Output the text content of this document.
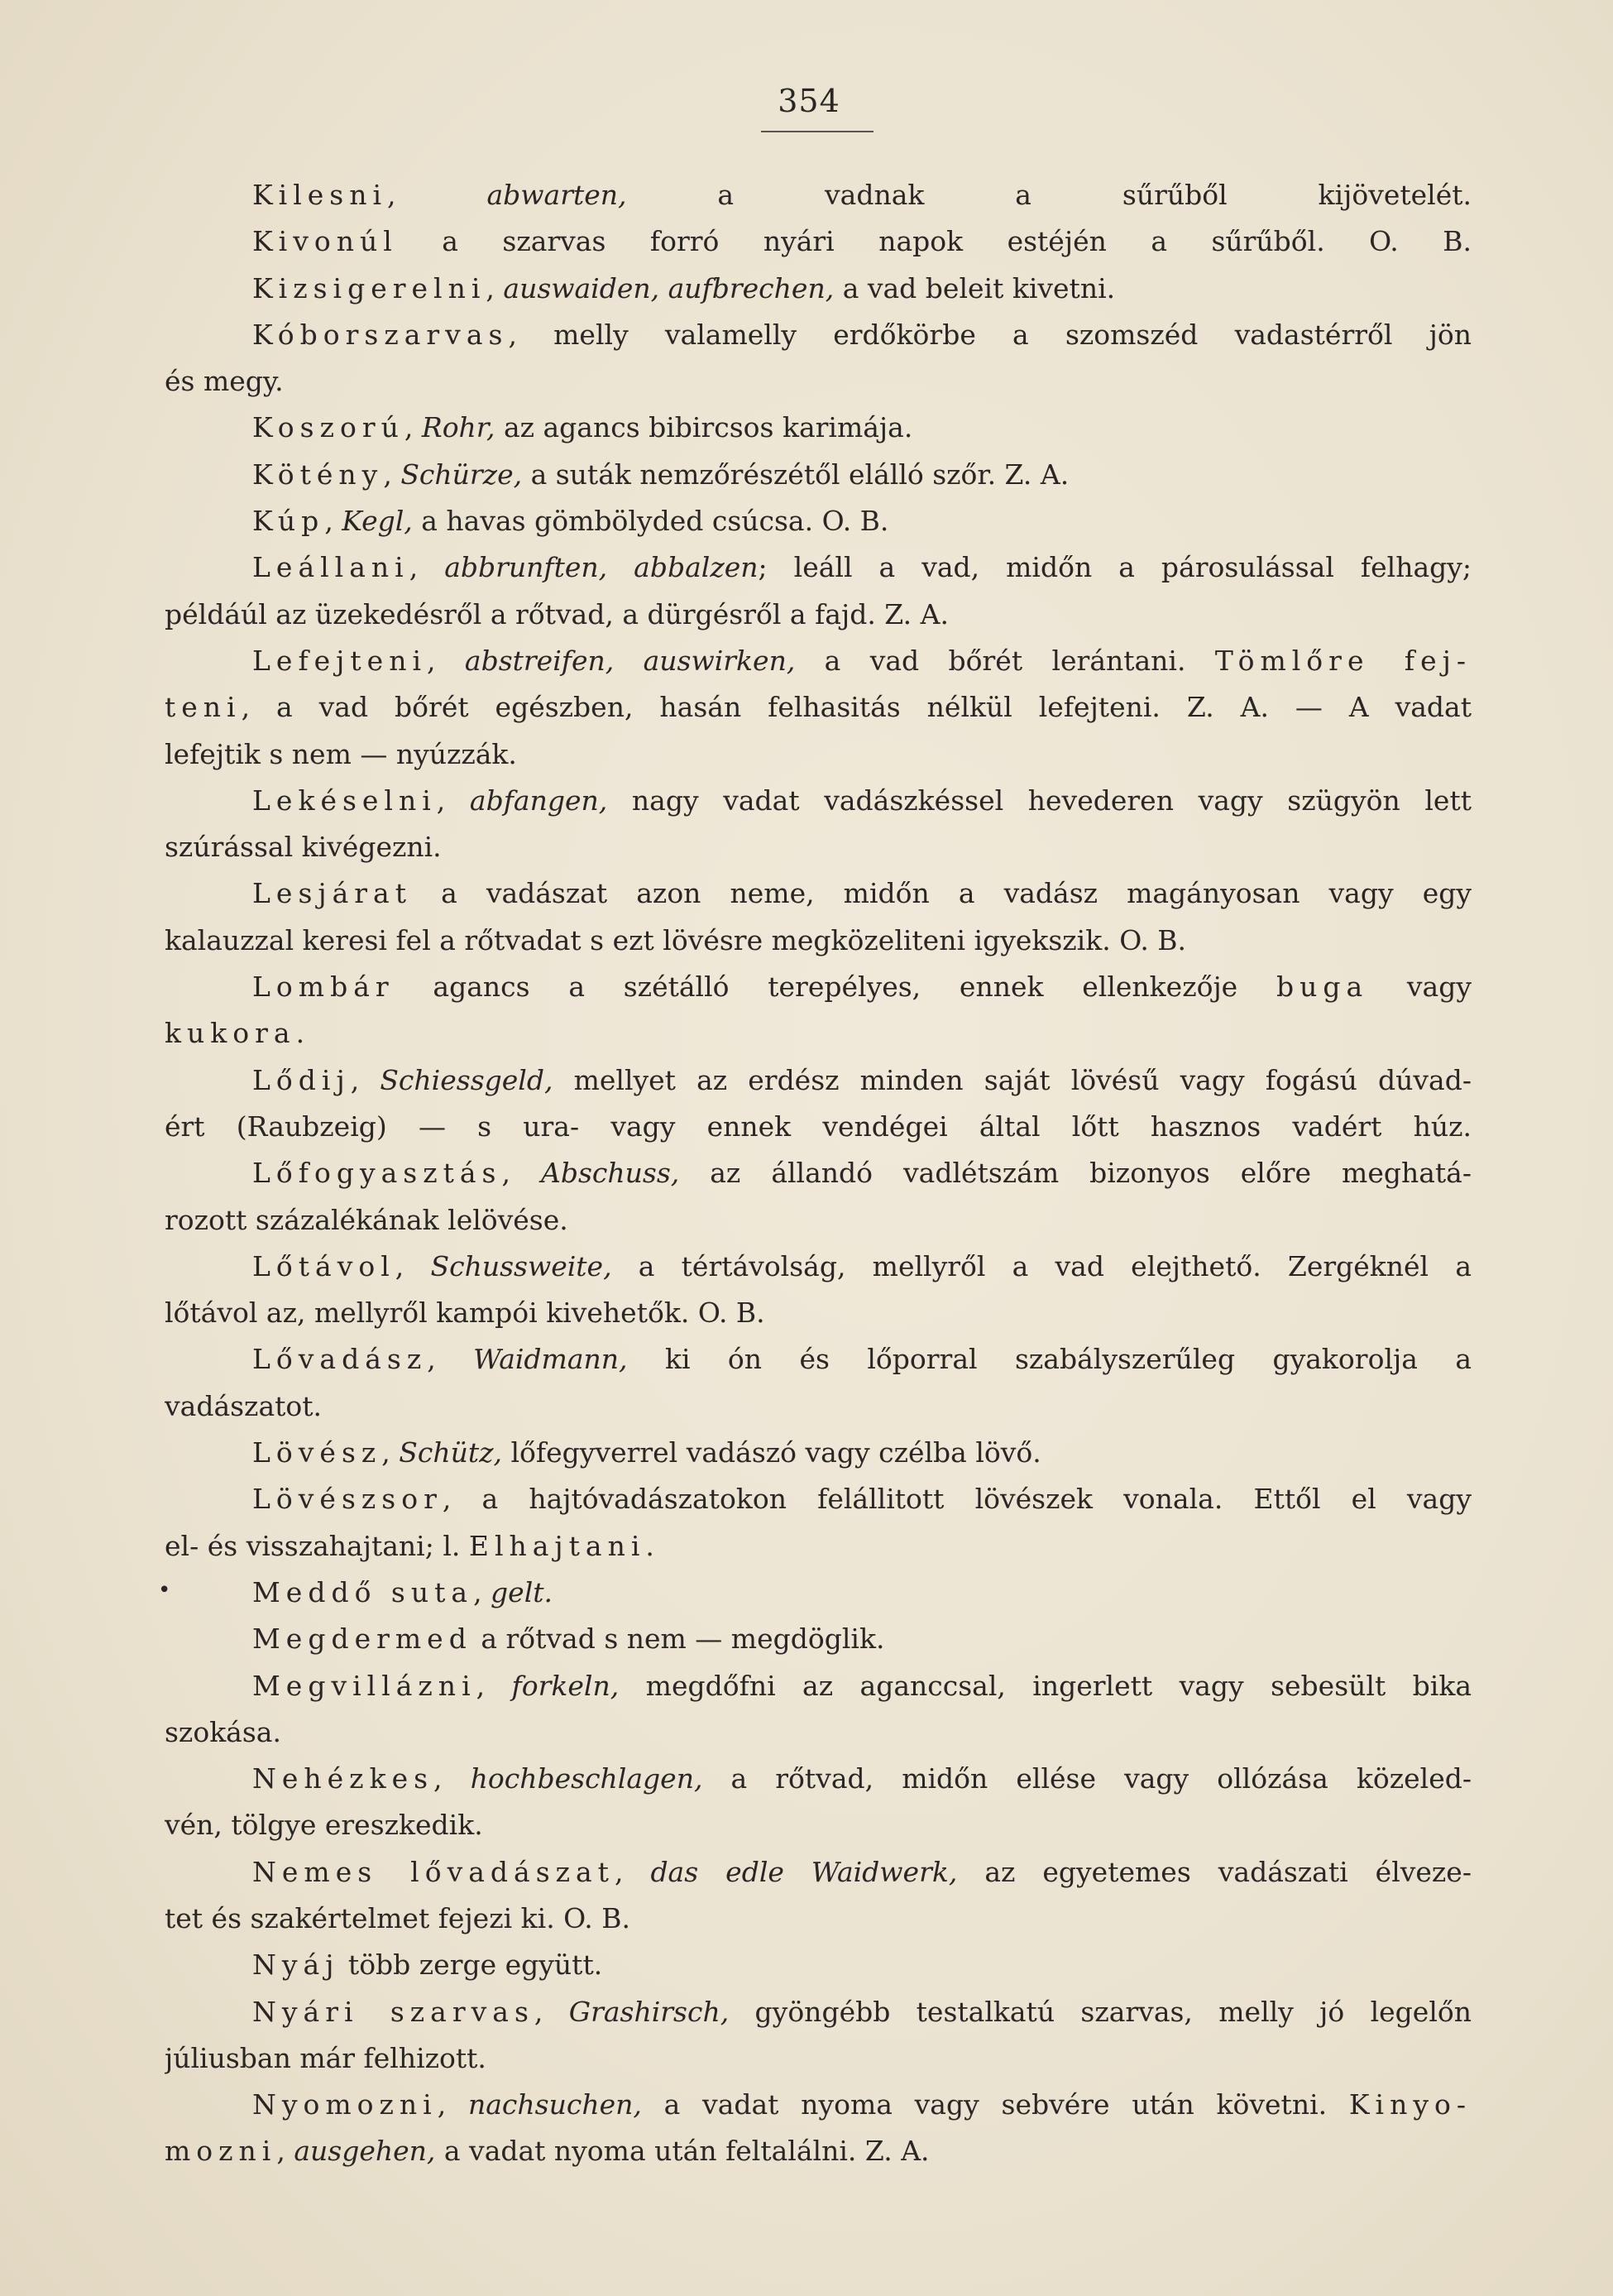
354
•
Kilesni, abwarten, a vadnak a sűrűből kijövetelét.
Kivonúl a szarvas forró nyári napok estéjén a sűrűből. O. B.
Kizsigerelni, auswaiden, aufbrechen, a vad beleit kivetni.
Kóborszarvas, melly valamelly erdőkörbe a szomszéd vadastérről jön
és megy.
Koszorú, Rohr, az agancs bibircsos karimája.
Kötény, Schürze, a suták nemzőrészétől elálló szőr. Z. A.
Kúp, Kegl, a havas gömbölyded csúcsa. O. B.
Leállani, abbrunften, abbalzen; leáll a vad, midőn a párosulással felhagy;
példáúl az üzekedésről a rőtvad, a dürgésről a fajd. Z. A.
Lefejteni, abstreifen, auswirken, a vad bőrét lerántani. Tömlőre fej-
teni, a vad bőrét egészben, hasán felhasitás nélkül lefejteni. Z. A. — A vadat
lefejtik s nem — nyúzzák.
Lekéselni, abfangen, nagy vadat vadászkéssel hevederen vagy szügyön lett
szúrással kivégezni.
Lesjárat a vadászat azon neme, midőn a vadász magányosan vagy egy
kalauzzal keresi fel a rőtvadat s ezt lövésre megközeliteni igyekszik. O. B.
Lombár agancs a szétálló terepélyes, ennek ellenkezője buga vagy
kukora.
Lődij, Schiessgeld, mellyet az erdész minden saját lövésű vagy fogású dúvad-
ért (Raubzeig) — s ura- vagy ennek vendégei által lőtt hasznos vadért húz.
Lőfogyasztás, Abschuss, az állandó vadlétszám bizonyos előre meghatá-
rozott százalékának lelövése.
Lőtávol, Schussweite, a tértávolság, mellyről a vad elejthető. Zergéknél a
lőtávol az, mellyről kampói kivehetők. O. B.
Lővadász, Waidmann, ki ón és lőporral szabályszerűleg gyakorolja a
vadászatot.
Lövész, Schütz, lőfegyverrel vadászó vagy czélba lövő.
Lövészsor, a hajtóvadászatokon felállitott lövészek vonala. Ettől el vagy
el- és visszahajtani; l. Elhajtani.
Meddő suta, gelt.
Megdermed a rőtvad s nem — megdöglik.
Megvillázni, forkeln, megdőfni az aganccsal, ingerlett vagy sebesült bika
szokása.
Nehézkes, hochbeschlagen, a rőtvad, midőn ellése vagy ollózása közeled-
vén, tölgye ereszkedik.
Nemes lővadászat, das edle Waidwerk, az egyetemes vadászati élveze-
tet és szakértelmet fejezi ki. O. B.
Nyáj több zerge együtt.
Nyári szarvas, Grashirsch, gyöngébb testalkatú szarvas, melly jó legelőn
júliusban már felhizott.
Nyomozni, nachsuchen, a vadat nyoma vagy sebvére után követni. Kinyo-
mozni, ausgehen, a vadat nyoma után feltalálni. Z. A.
